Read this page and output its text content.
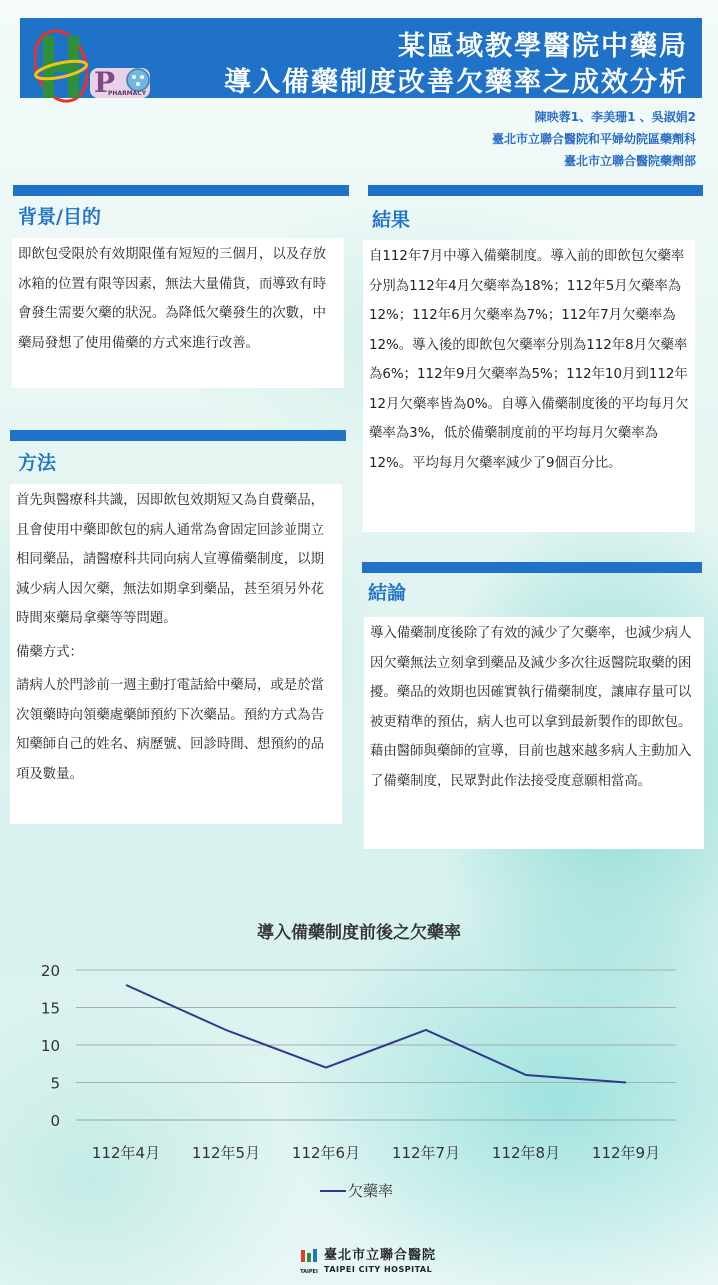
某區域教學醫院中藥局
導入備藥制度改善欠藥率之成效分析
P
PHARMACY
陳映蓉1、李美珊1 、吳淑娟2
臺北市立聯合醫院和平婦幼院區藥劑科
臺北市立聯合醫院藥劑部
背景/目的

即飲包受限於有效期限僅有短短的三個月，以及存放冰箱的位置有限等因素，無法大量備貨，而導致有時會發生需要欠藥的狀況。為降低欠藥發生的次數，中藥局發想了使用備藥的方式來進行改善。

方法

首先與醫療科共識，因即飲包效期短又為自費藥品，且會使用中藥即飲包的病人通常為會固定回診並開立相同藥品，請醫療科共同向病人宣導備藥制度，以期減少病人因欠藥，無法如期拿到藥品，甚至須另外花時間來藥局拿藥等等問題。

備藥方式：

請病人於門診前一週主動打電話給中藥局，或是於當次領藥時向領藥處藥師預約下次藥品。預約方式為告知藥師自己的姓名、病歷號、回診時間、想預約的品項及數量。

結果

自112年7月中導入備藥制度。導入前的即飲包欠藥率分別為112年4月欠藥率為18%；112年5月欠藥率為12%；112年6月欠藥率為7%；112年7月欠藥率為12%。導入後的即飲包欠藥率分別為112年8月欠藥率為6%；112年9月欠藥率為5%；112年10月到112年12月欠藥率皆為0%。自導入備藥制度後的平均每月欠藥率為3%，低於備藥制度前的平均每月欠藥率為12%。平均每月欠藥率減少了9個百分比。

結論

導入備藥制度後除了有效的減少了欠藥率，也減少病人因欠藥無法立刻拿到藥品及減少多次往返醫院取藥的困擾。藥品的效期也因確實執行備藥制度，讓庫存量可以被更精準的預估，病人也可以拿到最新製作的即飲包。藉由醫師與藥師的宣導，目前也越來越多病人主動加入了備藥制度，民眾對此作法接受度意願相當高。

導入備藥制度前後之欠藥率
0
5
10
15
20
112年4月 112年5月 112年6月 112年7月 112年8月 112年9月
欠藥率
TAIPEI
臺北市立聯合醫院
TAIPEI CITY HOSPITAL
